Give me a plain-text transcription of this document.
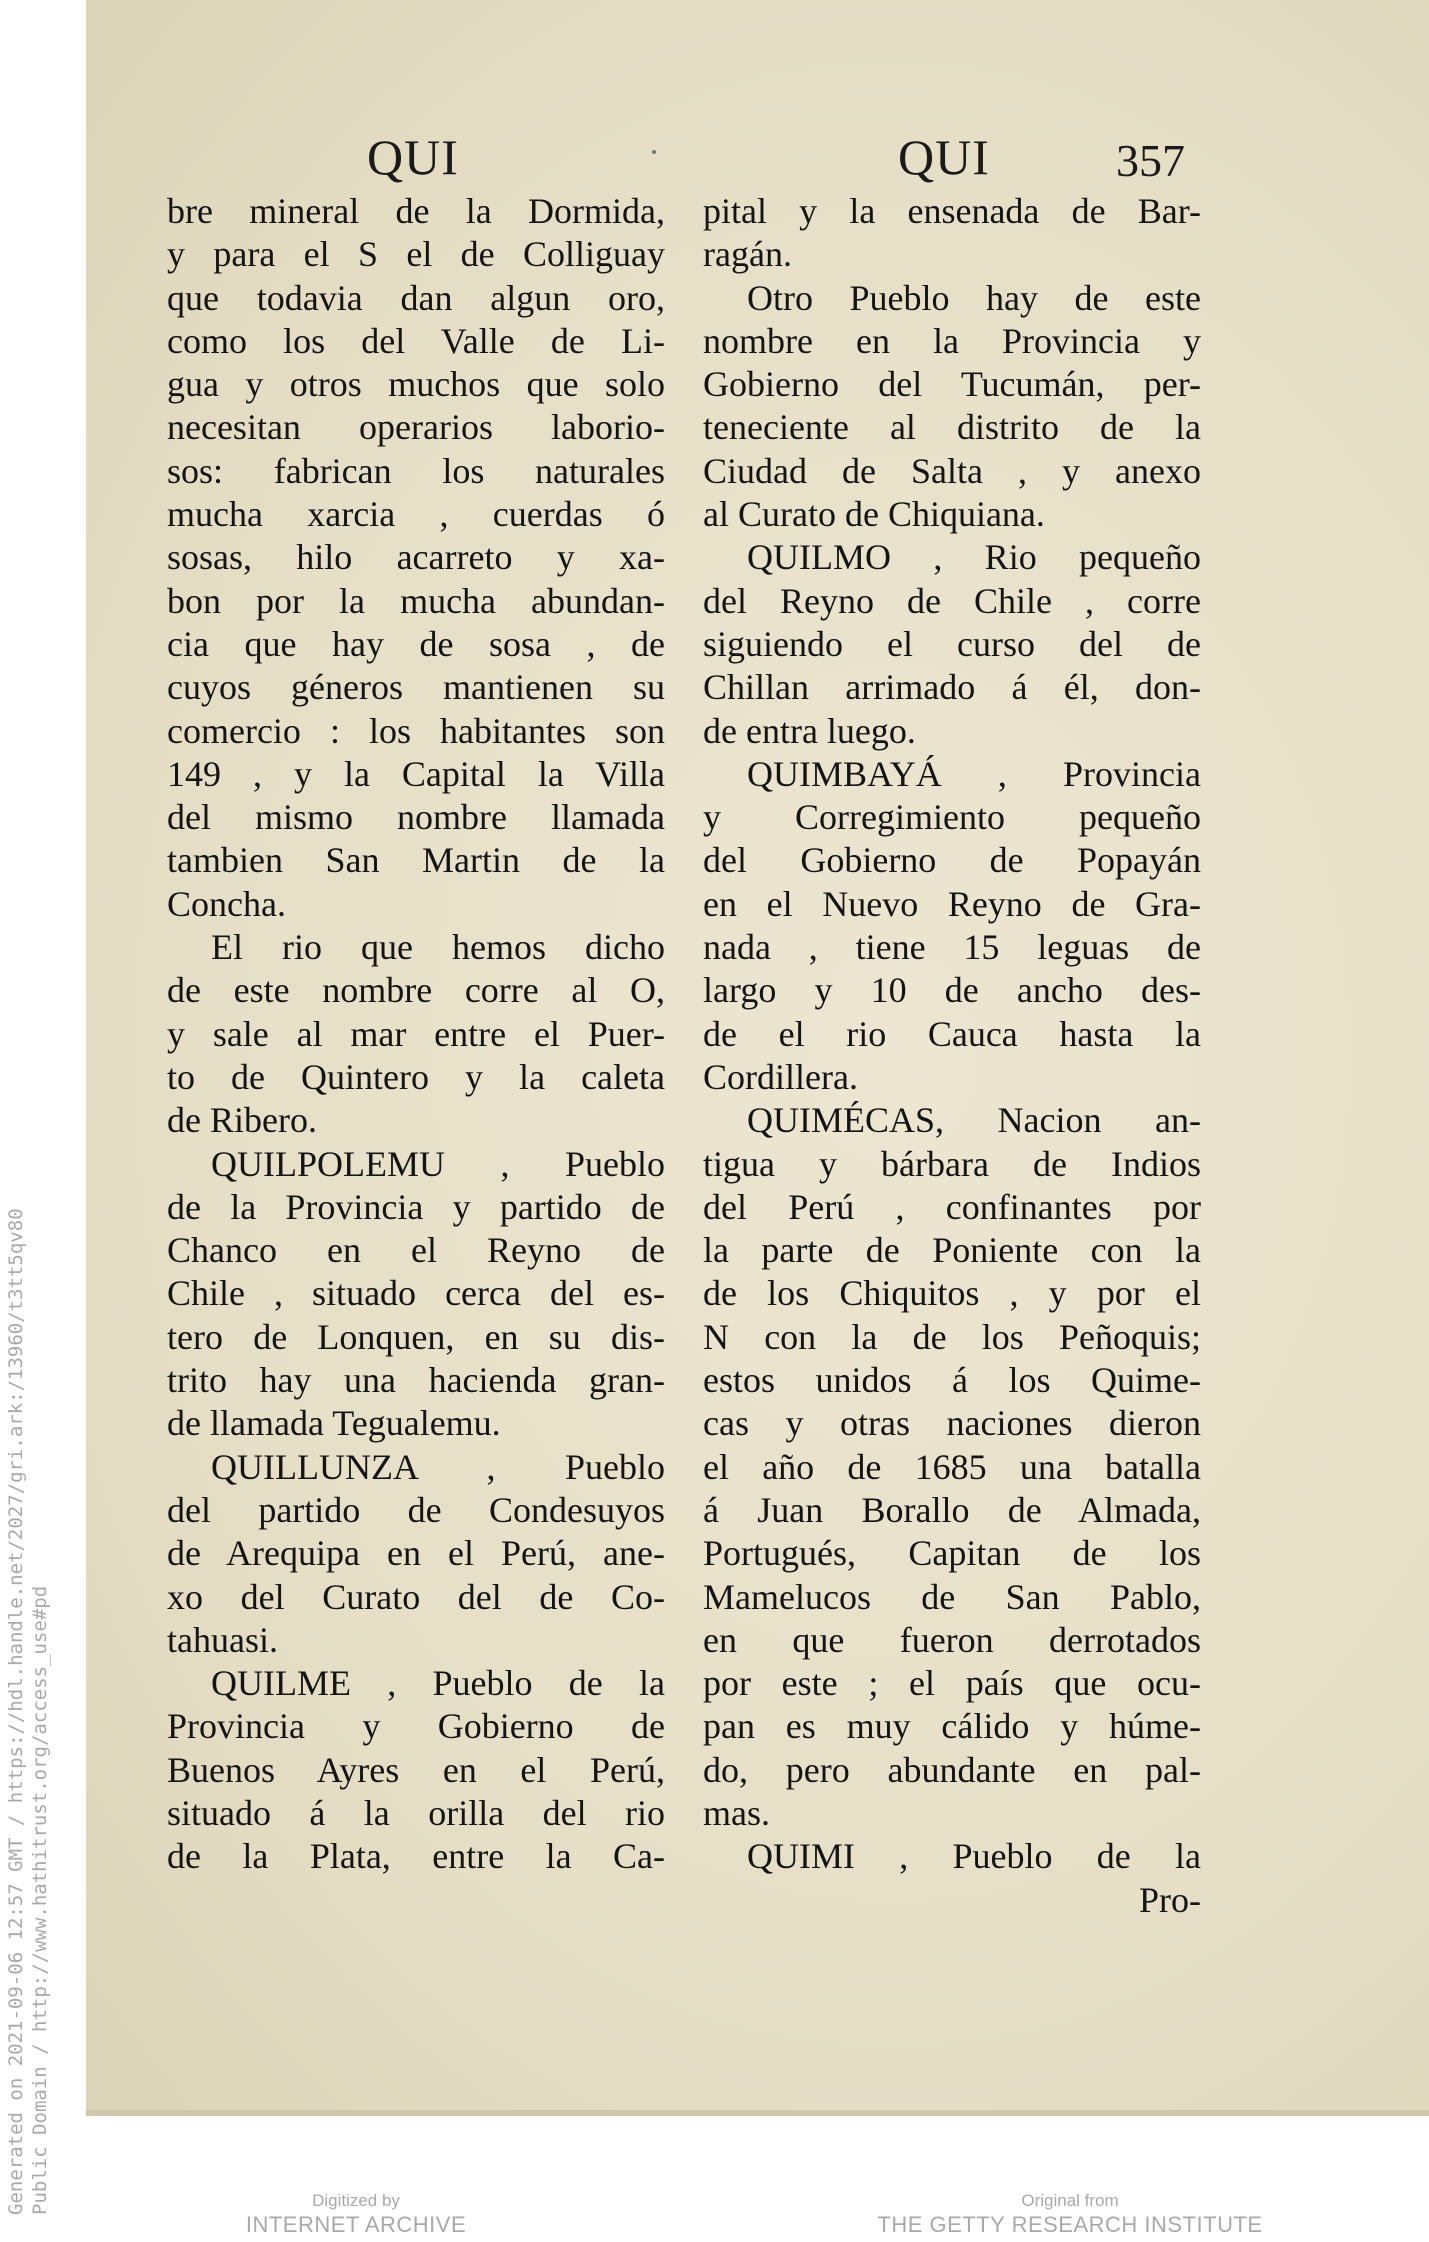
Generated on 2021-09-06 12:57 GMT / https://hdl.handle.net/2027/gri.ark:/13960/t3tt5qv80 Public Domain / http://www.hathitrust.org/access_use#pd
QUI	QUI	357
bre mineral de la Dormida,
y para el S el de Colliguay
que todavia dan algun oro,
como los del Valle de Li-
gua y otros muchos que solo
necesitan operarios laborio-
sos: fabrican los naturales
mucha xarcia , cuerdas ó
sosas, hilo acarreto y xa-
bon por la mucha abundan-
cia que hay de sosa , de
cuyos géneros mantienen su
comercio : los habitantes son
149 , y la Capital la Villa
del mismo nombre llamada
tambien San Martin de la
Concha.
El rio que hemos dicho
de este nombre corre al O,
y sale al mar entre el Puer-
to de Quintero y la caleta
de Ribero.
QUILPOLEMU , Pueblo
de la Provincia y partido de
Chanco en el Reyno de
Chile , situado cerca del es-
tero de Lonquen, en su dis-
trito hay una hacienda gran-
de llamada Tegualemu.
QUILLUNZA , Pueblo
del partido de Condesuyos
de Arequipa en el Perú, ane-
xo del Curato del de Co-
tahuasi.
QUILME , Pueblo de la
Provincia y Gobierno de
Buenos Ayres en el Perú,
situado á la orilla del rio
de la Plata, entre la Ca-
pital y la ensenada de Bar-
ragán.
Otro Pueblo hay de este
nombre en la Provincia y
Gobierno del Tucumán, per-
teneciente al distrito de la
Ciudad de Salta , y anexo
al Curato de Chiquiana.
QUILMO , Rio pequeño
del Reyno de Chile , corre
siguiendo el curso del de
Chillan arrimado á él, don-
de entra luego.
QUIMBAYÁ , Provincia
y Corregimiento pequeño
del Gobierno de Popayán
en el Nuevo Reyno de Gra-
nada , tiene 15 leguas de
largo y 10 de ancho des-
de el rio Cauca hasta la
Cordillera.
QUIMÉCAS, Nacion an-
tigua y bárbara de Indios
del Perú , confinantes por
la parte de Poniente con la
de los Chiquitos , y por el
N con la de los Peñoquis;
estos unidos á los Quime-
cas y otras naciones dieron
el año de 1685 una batalla
á Juan Borallo de Almada,
Portugués, Capitan de los
Mamelucos de San Pablo,
en que fueron derrotados
por este ; el país que ocu-
pan es muy cálido y húme-
do, pero abundante en pal-
mas.
QUIMI , Pueblo de la
Pro-
Digitized by
INTERNET ARCHIVE
Original from
THE GETTY RESEARCH INSTITUTE
